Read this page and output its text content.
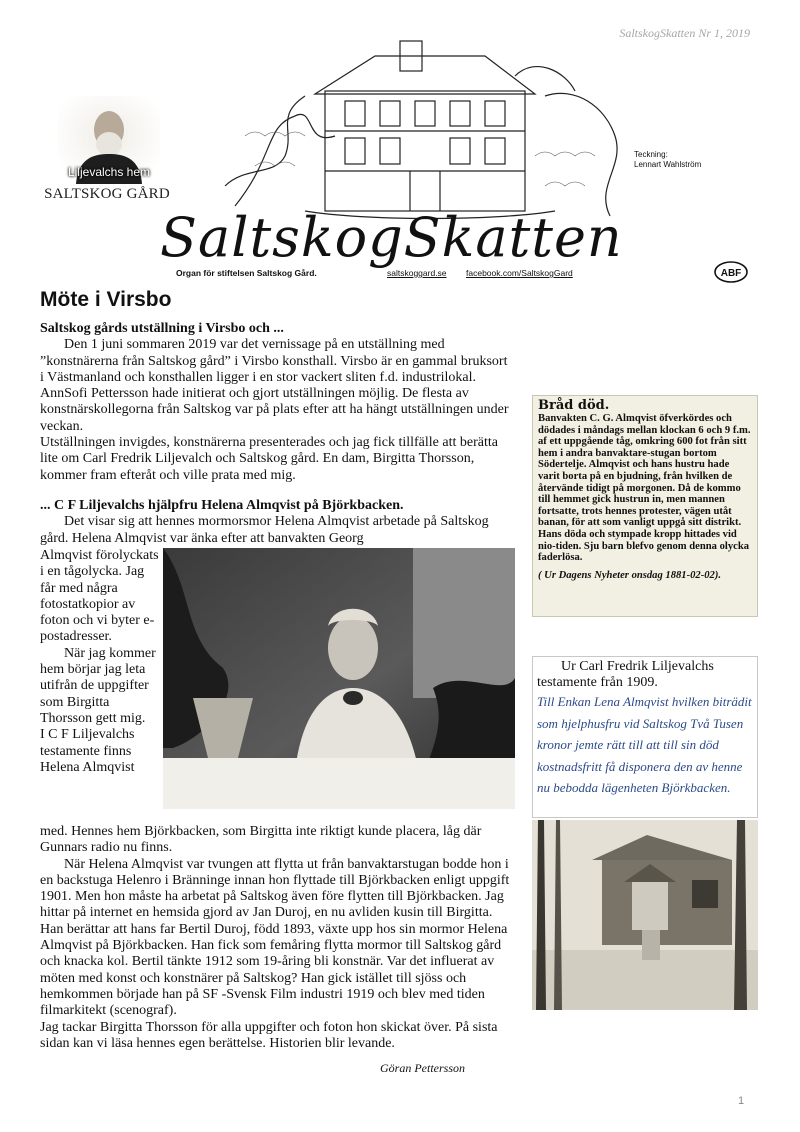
SaltskogSkatten Nr 1, 2019
Liljevalchs hem
SALTSKOG GÅRD
Teckning:
Lennart Wahlström
SaltskogSkatten
Organ för stiftelsen Saltskog Gård.	saltskoggard.se facebook.com/SaltskogGard	ABF
Möte i Virsbo

Saltskog gårds utställning i Virsbo och ...

Den 1 juni sommaren 2019 var det vernissage på en utställning med ”konstnärerna från Saltskog gård” i Virsbo konsthall. Virsbo är en gammal bruksort i Västmanland och konsthallen ligger i en stor vackert sliten f.d. industrilokal. AnnSofi Pettersson hade initierat och gjort utställningen möjlig. De flesta av konstnärskollegorna från Saltskog var på plats efter att ha hängt utställningen under veckan.

Utställningen invigdes, konstnärerna presenterades och jag fick tillfälle att berätta lite om Carl Fredrik Liljevalch och Saltskog gård. En dam, Birgitta Thorsson, kommer fram efteråt och ville prata med mig.

... C F Liljevalchs hjälpfru Helena Almqvist på Björkbacken.

Det visar sig att hennes mormorsmor Helena Almqvist arbetade på Saltskog gård. Helena Almqvist var änka efter att banvakten Georg

Almqvist förolyckats i en tågolycka. Jag får med några fotostatkopior av foton och vi byter e-postadresser.

När jag kommer hem börjar jag leta utifrån de uppgifter som Birgitta Thorsson gett mig.

I C F Liljevalchs testamente finns Helena Almqvist

med. Hennes hem Björkbacken, som Birgitta inte riktigt kunde placera, låg där Gunnars radio nu finns.

När Helena Almqvist var tvungen att flytta ut från banvaktarstugan bodde hon i en backstuga Helenro i Bränninge innan hon flyttade till Björkbacken enligt uppgift 1901. Men hon måste ha arbetat på Saltskog även före flytten till Björkbacken. Jag hittar på internet en hemsida gjord av Jan Duroj, en nu avliden kusin till Birgitta. Han berättar att hans far Bertil Duroj, född 1893, växte upp hos sin mormor Helena Almqvist på Björkbacken. Han fick som femåring flytta mormor till Saltskog gård och knacka kol. Bertil tänkte 1912 som 19-åring bli konstnär. Var det influerat av möten med konst och konstnärer på Saltskog? Han gick istället till sjöss och hemkommen började han på SF -Svensk Film industri 1919 och blev med tiden filmarkitekt (scenograf).

Jag tackar Birgitta Thorsson för alla uppgifter och foton hon skickat över. På sista sidan kan vi läsa hennes egen berättelse. Historien blir levande.

Göran Pettersson

Bråd död.

Banvakten C. G. Almqvist öfverkördes och dödades i måndags mellan klockan 6 och 9 f.m. af ett uppgående tåg, omkring 600 fot från sitt hem i andra banvaktare-stugan bortom Södertelje. Almqvist och hans hustru hade varit borta på en bjudning, från hvilken de återvände tidigt på morgonen. Då de kommo till hemmet gick hustrun in, men mannen fortsatte, trots hennes protester, vägen utåt banan, för att som vanligt uppgå sitt distrikt. Hans döda och stympade kropp hittades vid nio-tiden. Sju barn blefvo genom denna olycka faderlösa.

( Ur Dagens Nyheter onsdag 1881-02-02).

Ur Carl Fredrik Liljevalchs testamente från 1909.

Till Enkan Lena Almqvist hvilken biträdit som hjelphusfru vid Saltskog Två Tusen kronor jemte rätt till att till sin död kostnadsfritt få disponera den av henne nu bebodda lägenheten Björkbacken.

1
